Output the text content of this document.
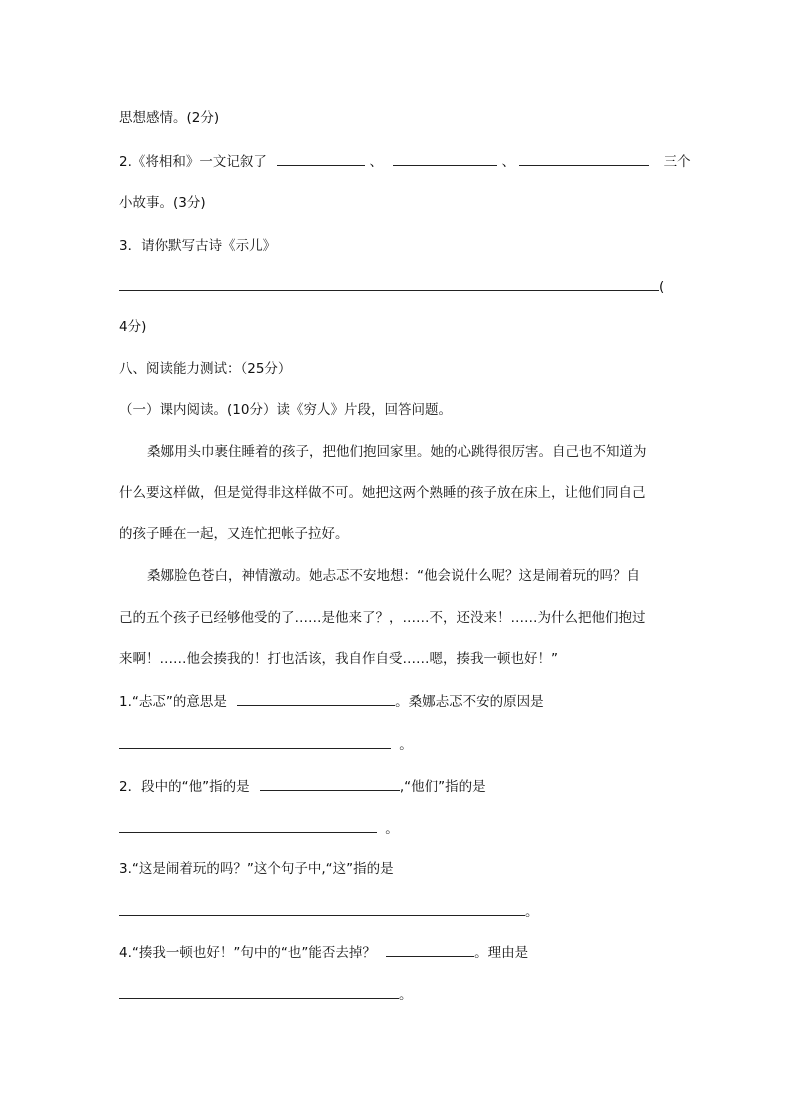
思想感情。(2分)
2.《将相和》一文记叙了	、	、	三个
小故事。(3分)
3．请你默写古诗《示儿》
(
4分)
八、阅读能力测试：（25分）
（一）课内阅读。(10分）读《穷人》片段，回答问题。
桑娜用头巾裹住睡着的孩子，把他们抱回家里。她的心跳得很厉害。自己也不知道为
什么要这样做，但是觉得非这样做不可。她把这两个熟睡的孩子放在床上，让他们同自己
的孩子睡在一起，又连忙把帐子拉好。
桑娜脸色苍白，神情激动。她忐忑不安地想：“他会说什么呢？这是闹着玩的吗？自
己的五个孩子已经够他受的了……是他来了？，……不，还没来！……为什么把他们抱过
来啊！……他会揍我的！打也活该，我自作自受……嗯，揍我一顿也好！”
1.“忐忑”的意思是	。桑娜忐忑不安的原因是
。
2．段中的“他”指的是	,“他们”指的是
。
3.“这是闹着玩的吗？”这个句子中,“这”指的是
。
4.“揍我一顿也好！”句中的“也”能否去掉？	。理由是
。
